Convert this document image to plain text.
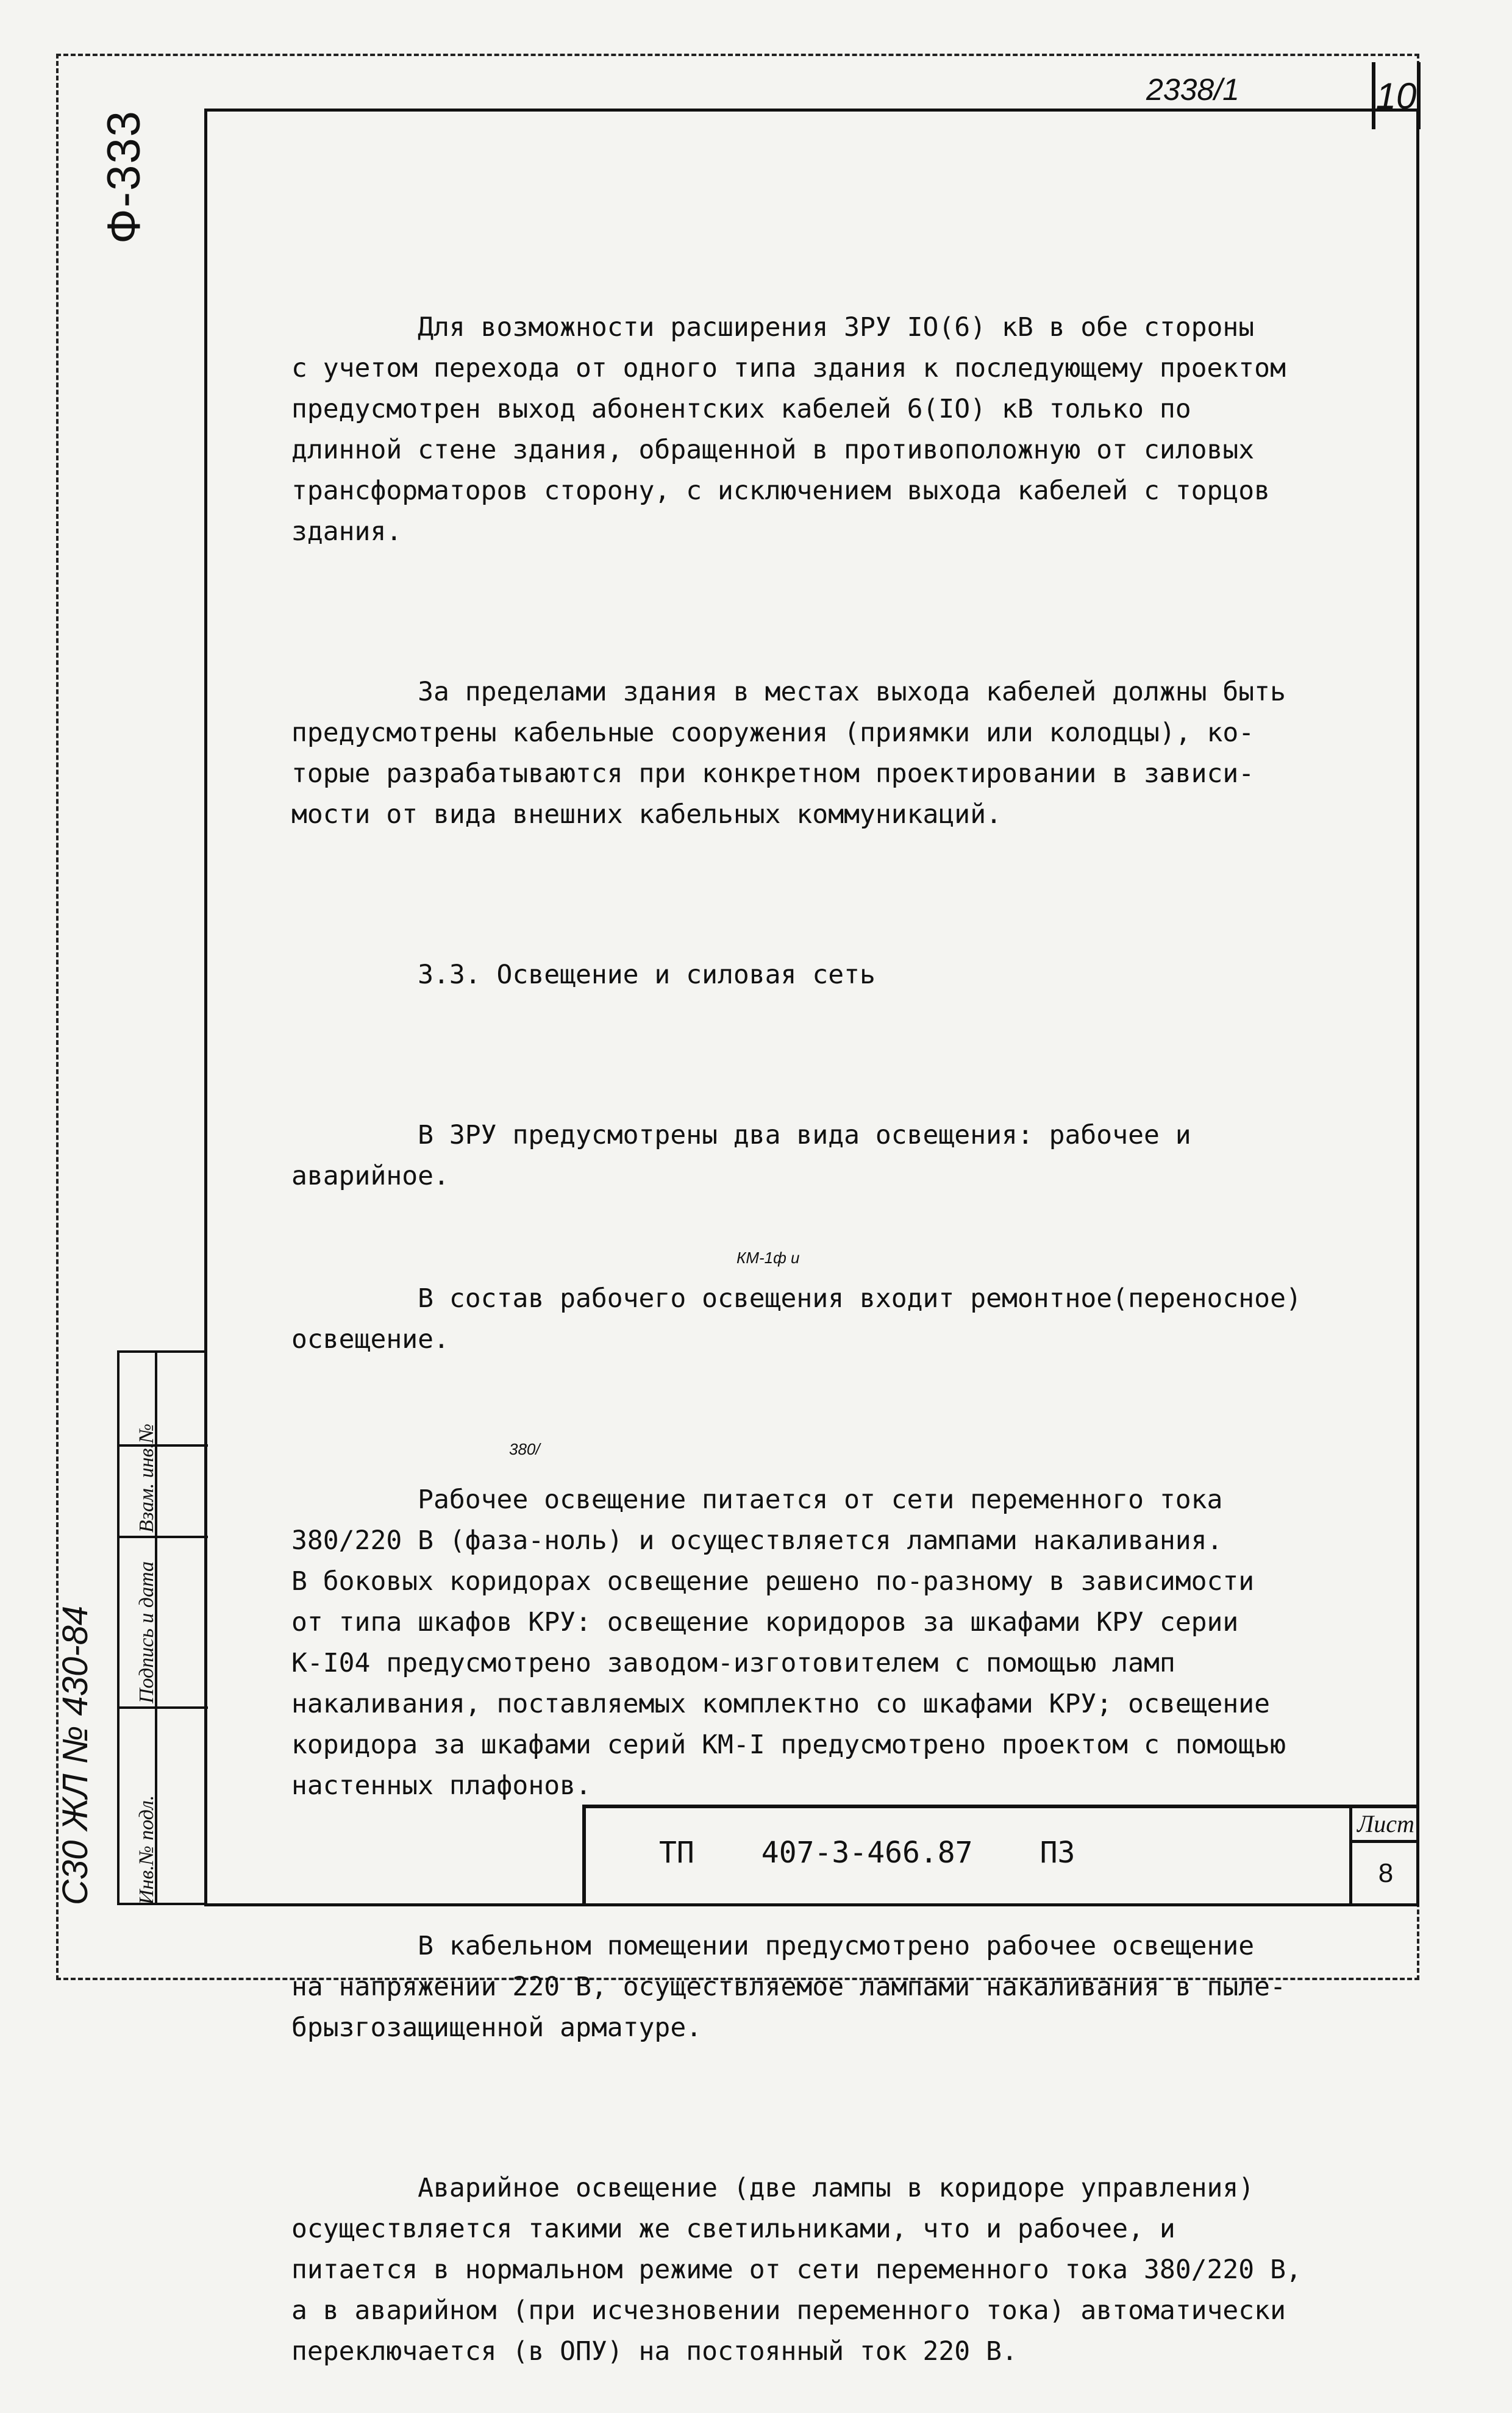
2338/1	10
Ф-333

Для возможности расширения ЗРУ IO(6) кВ в обе стороны
с учетом перехода от одного типа здания к последующему проектом
предусмотрен выход абонентских кабелей 6(IO) кВ только по
длинной стене здания, обращенной в противоположную от силовых
трансформаторов сторону, с исключением выхода кабелей с торцов
здания.

За пределами здания в местах выхода кабелей должны быть
предусмотрены кабельные сооружения (приямки или колодцы), ко-
торые разрабатываются при конкретном проектировании в зависи-
мости от вида внешних кабельных коммуникаций.

3.3. Освещение и силовая сеть

В ЗРУ предусмотрены два вида освещения: рабочее и
аварийное.

В состав рабочего освещения входит ремонтное(переносное)
освещение.

Рабочее освещение питается от сети переменного тока
380/220 В (фаза-ноль) и осуществляется лампами накаливания.
В боковых коридорах освещение решено по-разному в зависимости
от типа шкафов КРУ: освещение коридоров за шкафами КРУ серии
К-I04 предусмотрено заводом-изготовителем с помощью ламп
накаливания, поставляемых комплектно со шкафами КРУ; освещение
коридора за шкафами серий КМ-I предусмотрено проектом с помощью
настенных плафонов.

В кабельном помещении предусмотрено рабочее освещение
на напряжении 220 В, осуществляемое лампами накаливания в пыле-
брызгозащищенной арматуре.

Аварийное освещение (две лампы в коридоре управления)
осуществляется такими же светильниками, что и рабочее, и
питается в нормальном режиме от сети переменного тока 380/220 В,
а в аварийном (при исчезновении переменного тока) автоматически
переключается (в ОПУ) на постоянный ток 220 В.

КМ-1ф и
380/
Инв.№ подл.
Подпись и дата
Взам. инв.№
С30 ЖЛ № 430-84	ТП 407-3-466.87 ПЗ
Лист
8
